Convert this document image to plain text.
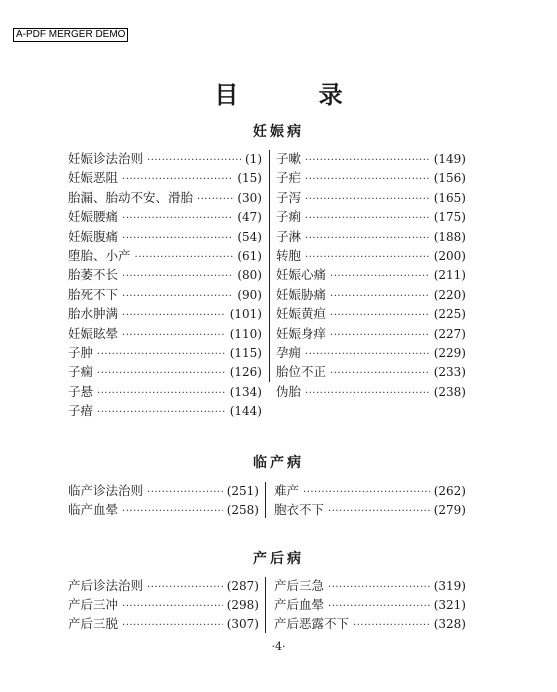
A-PDF MERGER DEMO
目 录
妊娠病
妊娠诊法治则 ·····	(1)
妊娠恶阻 ·····	(15)
胎漏、胎动不安、滑胎 ·····	(30)
妊娠腰痛 ·····	(47)
妊娠腹痛 ·····	(54)
堕胎、小产 ·····	(61)
胎萎不长 ·····	(80)
胎死不下 ·····	(90)
胎水肿满 ·····	(101)
妊娠眩晕 ·····	(110)
子肿 ·····	(115)
子痫 ·····	(126)
子悬 ·····	(134)
子瘖 ·····	(144)
子嗽 ·····	(149)
子疟 ·····	(156)
子泻 ·····	(165)
子痢 ·····	(175)
子淋 ·····	(188)
转胞 ·····	(200)
妊娠心痛 ·····	(211)
妊娠胁痛 ·····	(220)
妊娠黄疸 ·····	(225)
妊娠身痒 ·····	(227)
孕痈 ·····	(229)
胎位不正 ·····	(233)
伪胎 ·····	(238)
临产病
临产诊法治则 ·····	(251)
临产血晕 ·····	(258)
难产 ·····	(262)
胞衣不下 ·····	(279)
产后病
产后诊法治则 ·····	(287)
产后三冲 ·····	(298)
产后三脱 ·····	(307)
产后三急 ·····	(319)
产后血晕 ·····	(321)
产后恶露不下 ·····	(328)
·4·
